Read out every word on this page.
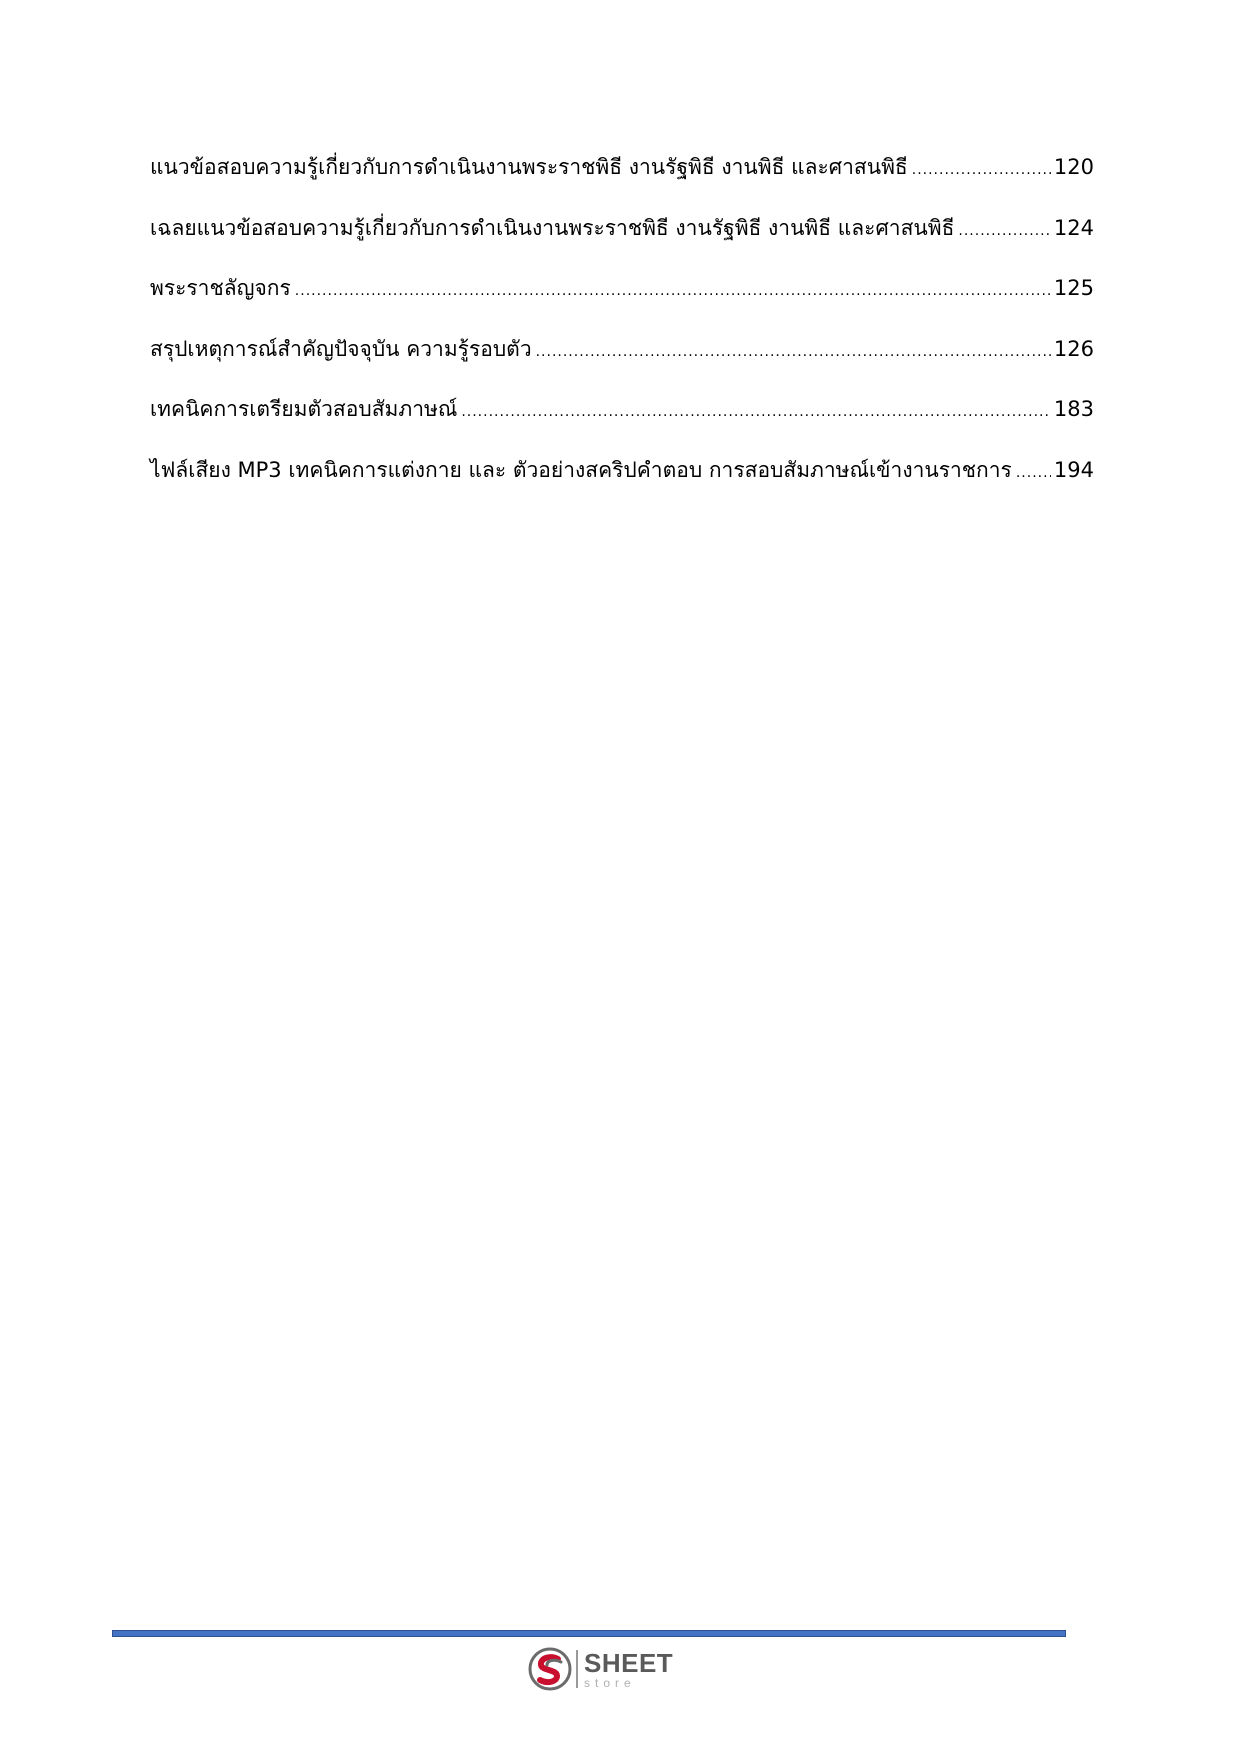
แนวข้อสอบความรู้เกี่ยวกับการดำเนินงานพระราชพิธี งานรัฐพิธี งานพิธี และศาสนพิธี .....	120
เฉลยแนวข้อสอบความรู้เกี่ยวกับการดำเนินงานพระราชพิธี งานรัฐพิธี งานพิธี และศาสนพิธี .....	124
พระราชลัญจกร .....	125
สรุปเหตุการณ์สำคัญปัจจุบัน ความรู้รอบตัว .....	126
เทคนิคการเตรียมตัวสอบสัมภาษณ์ .....	183
ไฟล์เสียง MP3 เทคนิคการแต่งกาย และ ตัวอย่างสคริปคำตอบ การสอบสัมภาษณ์เข้างานราชการ ..... 194
SHEET
store
